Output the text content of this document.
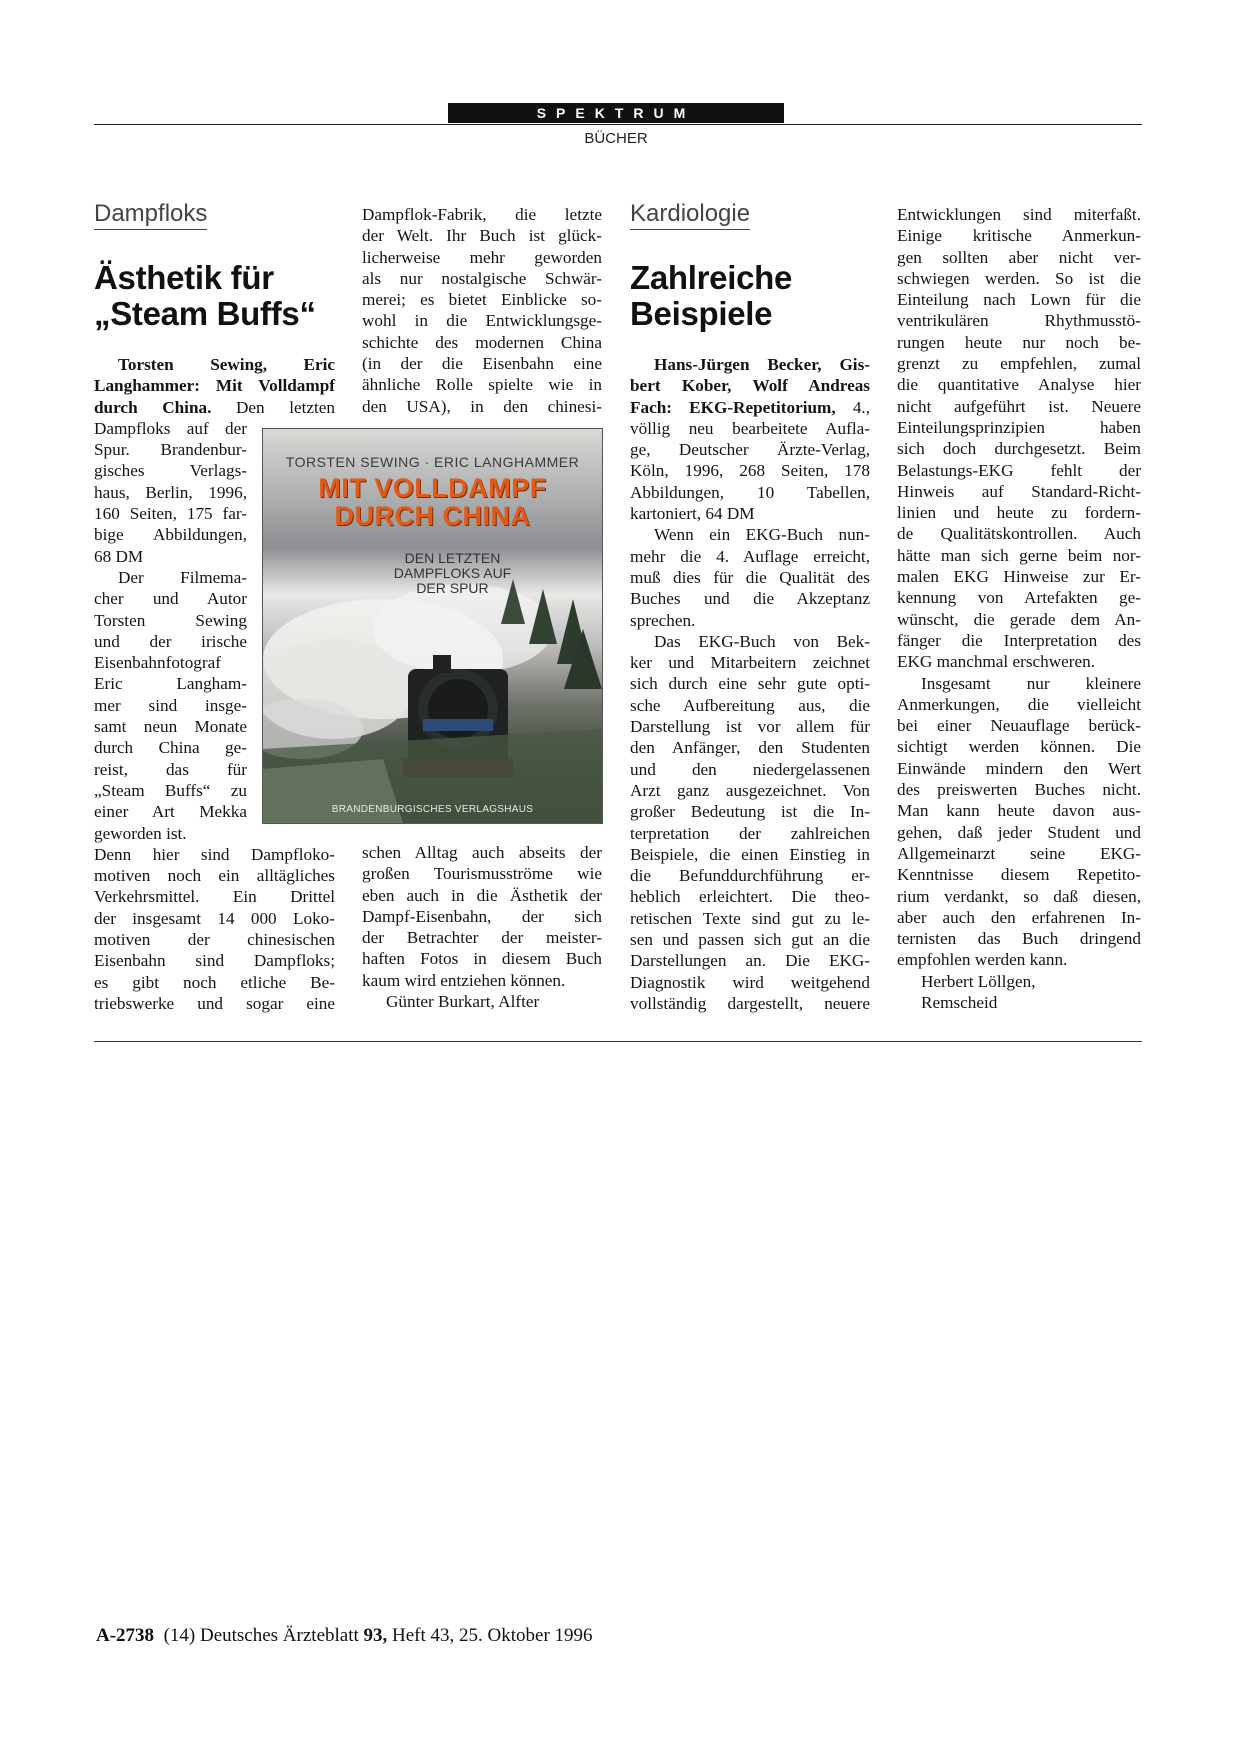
SPEKTRUM
BÜCHER
Dampfloks
Ästhetik für
„Steam Buffs“
Torsten Sewing, Eric
Langhammer: Mit Volldampf
durch China. Den letzten
Dampfloks auf der
Spur. Brandenbur-
gisches Verlags-
haus, Berlin, 1996,
160 Seiten, 175 far-
bige Abbildungen,
68 DM
Der Filmema-
cher und Autor
Torsten Sewing
und der irische
Eisenbahnfotograf
Eric Langham-
mer sind insge-
samt neun Monate
durch China ge-
reist, das für
„Steam Buffs“ zu
einer Art Mekka
geworden ist.
Denn hier sind Dampfloko-
motiven noch ein alltägliches
Verkehrsmittel. Ein Drittel
der insgesamt 14 000 Loko-
motiven der chinesischen
Eisenbahn sind Dampfloks;
es gibt noch etliche Be-
triebswerke und sogar eine
Dampflok-Fabrik, die letzte
der Welt. Ihr Buch ist glück-
licherweise mehr geworden
als nur nostalgische Schwär-
merei; es bietet Einblicke so-
wohl in die Entwicklungsge-
schichte des modernen China
(in der die Eisenbahn eine
ähnliche Rolle spielte wie in
den USA), in den chinesi-
TORSTEN SEWING · ERIC LANGHAMMER
MIT VOLLDAMPF
DURCH CHINA
DEN LETZTEN
DAMPFLOKS AUF
DER SPUR
BRANDENBURGISCHES VERLAGSHAUS
schen Alltag auch abseits der
großen Tourismusströme wie
eben auch in die Ästhetik der
Dampf-Eisenbahn, der sich
der Betrachter der meister-
haften Fotos in diesem Buch
kaum wird entziehen können.
Günter Burkart, Alfter
Kardiologie
Zahlreiche
Beispiele
Hans-Jürgen Becker, Gis-
bert Kober, Wolf Andreas
Fach: EKG-Repetitorium, 4.,
völlig neu bearbeitete Aufla-
ge, Deutscher Ärzte-Verlag,
Köln, 1996, 268 Seiten, 178
Abbildungen, 10 Tabellen,
kartoniert, 64 DM
Wenn ein EKG-Buch nun-
mehr die 4. Auflage erreicht,
muß dies für die Qualität des
Buches und die Akzeptanz
sprechen.
Das EKG-Buch von Bek-
ker und Mitarbeitern zeichnet
sich durch eine sehr gute opti-
sche Aufbereitung aus, die
Darstellung ist vor allem für
den Anfänger, den Studenten
und den niedergelassenen
Arzt ganz ausgezeichnet. Von
großer Bedeutung ist die In-
terpretation der zahlreichen
Beispiele, die einen Einstieg in
die Befunddurchführung er-
heblich erleichtert. Die theo-
retischen Texte sind gut zu le-
sen und passen sich gut an die
Darstellungen an. Die EKG-
Diagnostik wird weitgehend
vollständig dargestellt, neuere
Entwicklungen sind miterfaßt.
Einige kritische Anmerkun-
gen sollten aber nicht ver-
schwiegen werden. So ist die
Einteilung nach Lown für die
ventrikulären Rhythmusstö-
rungen heute nur noch be-
grenzt zu empfehlen, zumal
die quantitative Analyse hier
nicht aufgeführt ist. Neuere
Einteilungsprinzipien haben
sich doch durchgesetzt. Beim
Belastungs-EKG fehlt der
Hinweis auf Standard-Richt-
linien und heute zu fordern-
de Qualitätskontrollen. Auch
hätte man sich gerne beim nor-
malen EKG Hinweise zur Er-
kennung von Artefakten ge-
wünscht, die gerade dem An-
fänger die Interpretation des
EKG manchmal erschweren.
Insgesamt nur kleinere
Anmerkungen, die vielleicht
bei einer Neuauflage berück-
sichtigt werden können. Die
Einwände mindern den Wert
des preiswerten Buches nicht.
Man kann heute davon aus-
gehen, daß jeder Student und
Allgemeinarzt seine EKG-
Kenntnisse diesem Repetito-
rium verdankt, so daß diesen,
aber auch den erfahrenen In-
ternisten das Buch dringend
empfohlen werden kann.
Herbert Löllgen,
Remscheid
A-2738 (14) Deutsches Ärzteblatt 93, Heft 43, 25. Oktober 1996
